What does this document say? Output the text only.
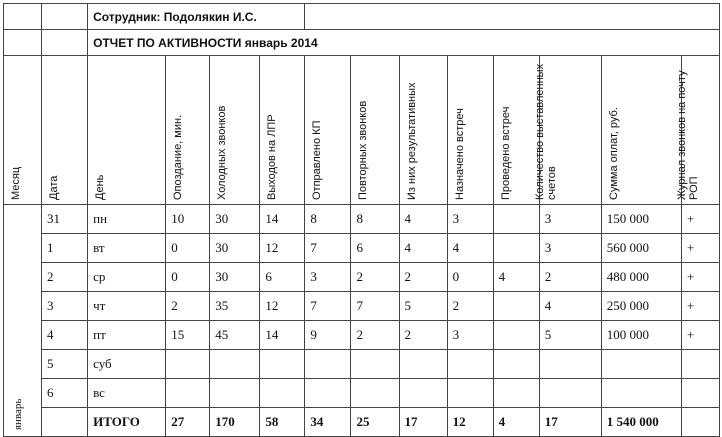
		Сотрудник: Подолякин И.С.											
		ОТЧЕТ ПО АКТИВНОСТИ январь 2014											

Месяц	Дата	День	Опоздание, мин.	Холодных звонков	Выходов на ЛПР	Отправлено КП	Повторных звонков	Из них результативных	Назначено встреч	Проведено встреч	Количество выставленных счетов	Сумма оплат, руб.	Журнал звонков на почту РОП

январь	31	пн	10	30	14	8	8	4	3		3	150 000	+
	1	вт	0	30	12	7	6	4	4		3	560 000	+
	2	ср	0	30	6	3	2	2	0	4	2	480 000	+
	3	чт	2	35	12	7	7	5	2		4	250 000	+
	4	пт	15	45	14	9	2	2	3		5	100 000	+
	5	суб											
	6	вс											
		ИТОГО	27	170	58	34	25	17	12	4	17	1 540 000	
